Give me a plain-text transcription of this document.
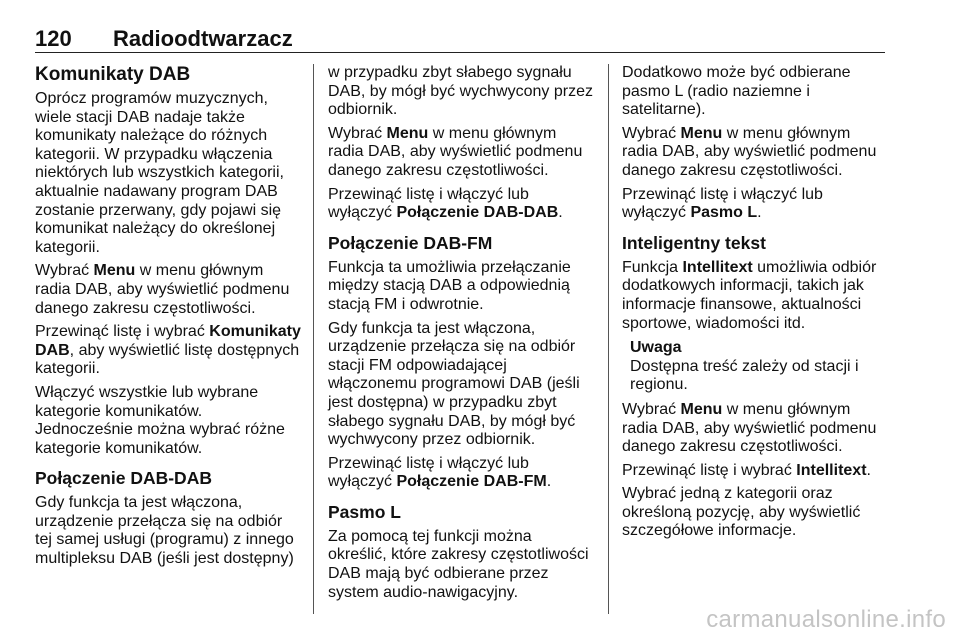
120 Radioodtwarzacz
Komunikaty DAB

Oprócz programów muzycznych, wiele stacji DAB nadaje także komunikaty należące do różnych kategorii. W przypadku włączenia niektórych lub wszystkich kategorii, aktualnie nadawany program DAB zostanie przerwany, gdy pojawi się komunikat należący do określonej kategorii.

Wybrać Menu w menu głównym radia DAB, aby wyświetlić podmenu danego zakresu częstotliwości.

Przewinąć listę i wybrać Komunikaty DAB, aby wyświetlić listę dostępnych kategorii.

Włączyć wszystkie lub wybrane kategorie komunikatów.

Jednocześnie można wybrać różne kategorie komunikatów.

Połączenie DAB-DAB

Gdy funkcja ta jest włączona, urządzenie przełącza się na odbiór tej samej usługi (programu) z innego multipleksu DAB (jeśli jest dostępny)

w przypadku zbyt słabego sygnału DAB, by mógł być wychwycony przez odbiornik.

Wybrać Menu w menu głównym radia DAB, aby wyświetlić podmenu danego zakresu częstotliwości.

Przewinąć listę i włączyć lub wyłączyć Połączenie DAB-DAB.

Połączenie DAB-FM

Funkcja ta umożliwia przełączanie między stacją DAB a odpowiednią stacją FM i odwrotnie.

Gdy funkcja ta jest włączona, urządzenie przełącza się na odbiór stacji FM odpowiadającej włączonemu programowi DAB (jeśli jest dostępna) w przypadku zbyt słabego sygnału DAB, by mógł być wychwycony przez odbiornik.

Przewinąć listę i włączyć lub wyłączyć Połączenie DAB-FM.

Pasmo L

Za pomocą tej funkcji można określić, które zakresy częstotliwości DAB mają być odbierane przez system audio-nawigacyjny.

Dodatkowo może być odbierane pasmo L (radio naziemne i satelitarne).

Wybrać Menu w menu głównym radia DAB, aby wyświetlić podmenu danego zakresu częstotliwości.

Przewinąć listę i włączyć lub wyłączyć Pasmo L.

Inteligentny tekst

Funkcja Intellitext umożliwia odbiór dodatkowych informacji, takich jak informacje finansowe, aktualności sportowe, wiadomości itd.

Uwaga
Dostępna treść zależy od stacji i regionu.

Wybrać Menu w menu głównym radia DAB, aby wyświetlić podmenu danego zakresu częstotliwości.

Przewinąć listę i wybrać Intellitext.

Wybrać jedną z kategorii oraz określoną pozycję, aby wyświetlić szczegółowe informacje.

carmanualsonline.info
